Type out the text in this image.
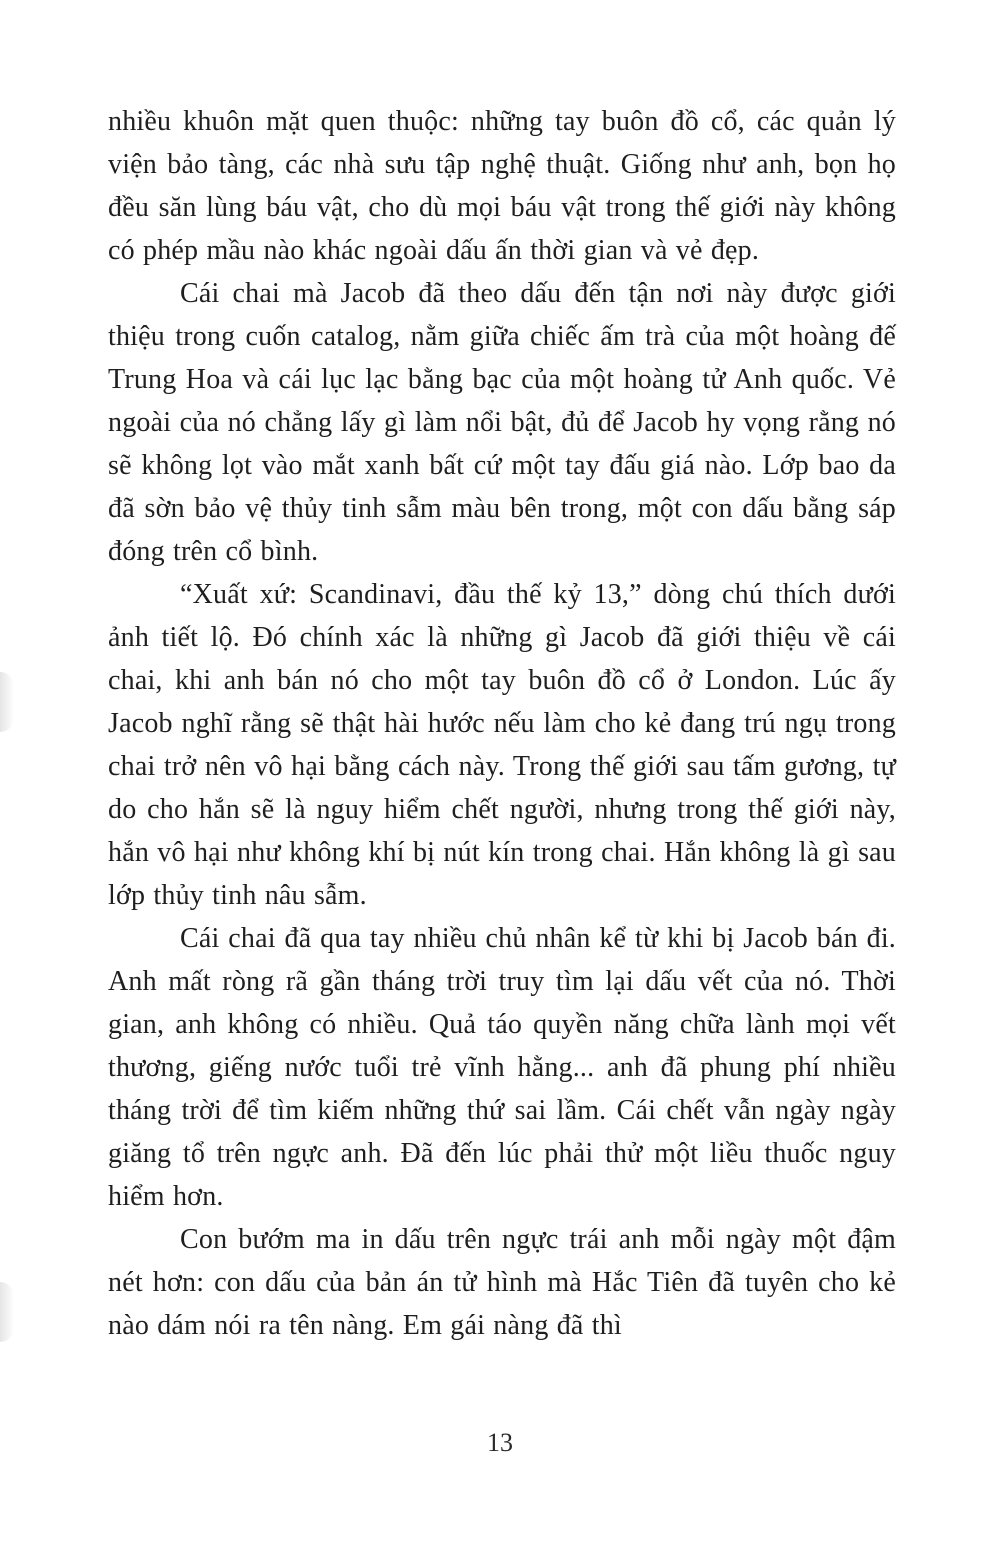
nhiều khuôn mặt quen thuộc: những tay buôn đồ cổ, các quản lý viện bảo tàng, các nhà sưu tập nghệ thuật. Giống như anh, bọn họ đều săn lùng báu vật, cho dù mọi báu vật trong thế giới này không có phép mầu nào khác ngoài dấu ấn thời gian và vẻ đẹp.

Cái chai mà Jacob đã theo dấu đến tận nơi này được giới thiệu trong cuốn catalog, nằm giữa chiếc ấm trà của một hoàng đế Trung Hoa và cái lục lạc bằng bạc của một hoàng tử Anh quốc. Vẻ ngoài của nó chẳng lấy gì làm nổi bật, đủ để Jacob hy vọng rằng nó sẽ không lọt vào mắt xanh bất cứ một tay đấu giá nào. Lớp bao da đã sờn bảo vệ thủy tinh sẫm màu bên trong, một con dấu bằng sáp đóng trên cổ bình.

“Xuất xứ: Scandinavi, đầu thế kỷ 13,” dòng chú thích dưới ảnh tiết lộ. Đó chính xác là những gì Jacob đã giới thiệu về cái chai, khi anh bán nó cho một tay buôn đồ cổ ở London. Lúc ấy Jacob nghĩ rằng sẽ thật hài hước nếu làm cho kẻ đang trú ngụ trong chai trở nên vô hại bằng cách này. Trong thế giới sau tấm gương, tự do cho hắn sẽ là nguy hiểm chết người, nhưng trong thế giới này, hắn vô hại như không khí bị nút kín trong chai. Hắn không là gì sau lớp thủy tinh nâu sẫm.

Cái chai đã qua tay nhiều chủ nhân kể từ khi bị Jacob bán đi. Anh mất ròng rã gần tháng trời truy tìm lại dấu vết của nó. Thời gian, anh không có nhiều. Quả táo quyền năng chữa lành mọi vết thương, giếng nước tuổi trẻ vĩnh hằng... anh đã phung phí nhiều tháng trời để tìm kiếm những thứ sai lầm. Cái chết vẫn ngày ngày giăng tổ trên ngực anh. Đã đến lúc phải thử một liều thuốc nguy hiểm hơn.

Con bướm ma in dấu trên ngực trái anh mỗi ngày một đậm nét hơn: con dấu của bản án tử hình mà Hắc Tiên đã tuyên cho kẻ nào dám nói ra tên nàng. Em gái nàng đã thì

13
